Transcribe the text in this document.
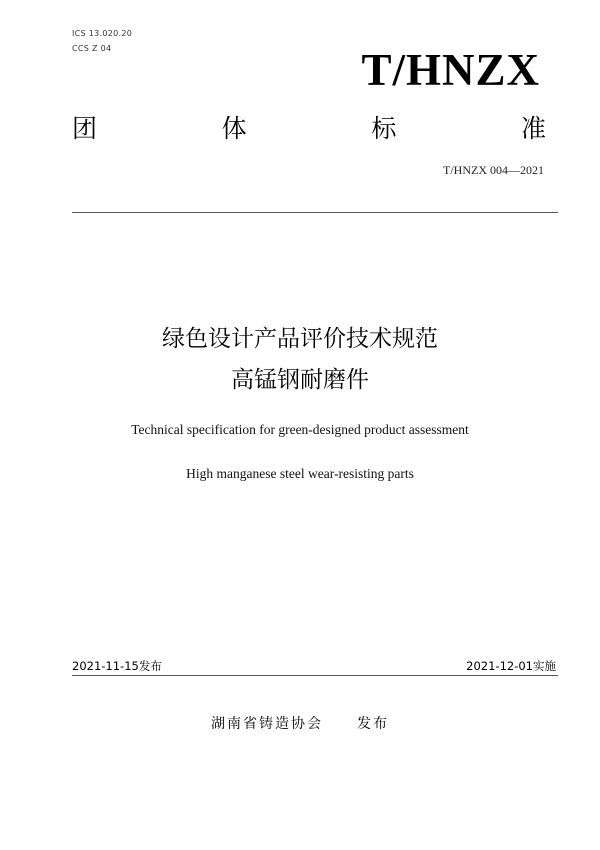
ICS 13.020.20
CCS Z 04	T/HNZX
团	体	标	准
T/HNZX 004—2021
绿色设计产品评价技术规范
高锰钢耐磨件
Technical specification for green-designed product assessment
High manganese steel wear-resisting parts
2021-11-15发布	2021-12-01实施
湖南省铸造协会 发布
